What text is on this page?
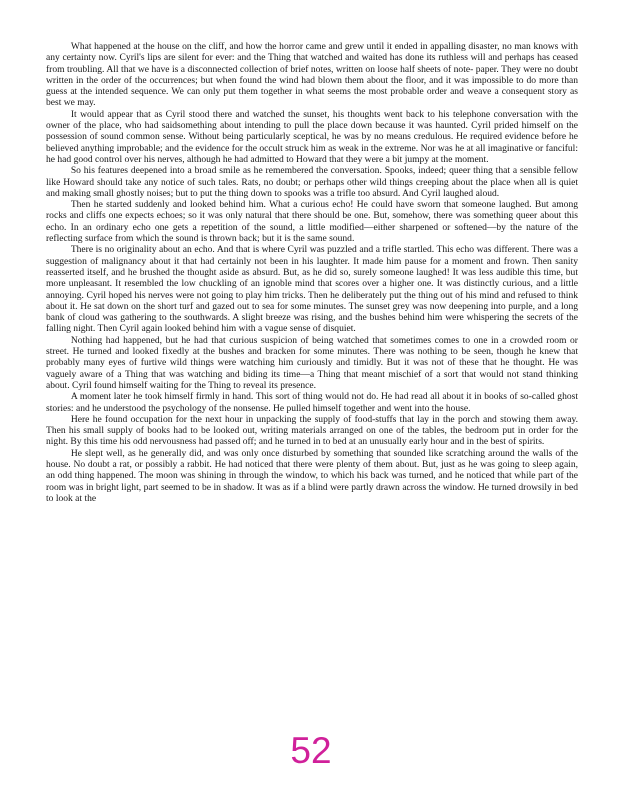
What happened at the house on the cliff, and how the horror came and grew until it ended in appalling disaster, no man knows with any certainty now. Cyril's lips are silent for ever: and the Thing that watched and waited has done its ruthless will and perhaps has ceased from troubling. All that we have is a disconnected collection of brief notes, written on loose half sheets of note- paper. They were no doubt written in the order of the occurrences; but when found the wind had blown them about the floor, and it was impossible to do more than guess at the intended sequence. We can only put them together in what seems the most probable order and weave a consequent story as best we may.

It would appear that as Cyril stood there and watched the sunset, his thoughts went back to his telephone conversation with the owner of the place, who had saidsomething about intending to pull the place down because it was haunted. Cyril prided himself on the possession of sound common sense. Without being particularly sceptical, he was by no means credulous. He required evidence before he believed anything improbable; and the evidence for the occult struck him as weak in the extreme. Nor was he at all imaginative or fanciful: he had good control over his nerves, although he had admitted to Howard that they were a bit jumpy at the moment.

So his features deepened into a broad smile as he remembered the conversation. Spooks, indeed; queer thing that a sensible fellow like Howard should take any notice of such tales. Rats, no doubt; or perhaps other wild things creeping about the place when all is quiet and making small ghostly noises; but to put the thing down to spooks was a trifle too absurd. And Cyril laughed aloud.

Then he started suddenly and looked behind him. What a curious echo! He could have sworn that someone laughed. But among rocks and cliffs one expects echoes; so it was only natural that there should be one. But, somehow, there was something queer about this echo. In an ordinary echo one gets a repetition of the sound, a little modified—either sharpened or softened—by the nature of the reflecting surface from which the sound is thrown back; but it is the same sound.

There is no originality about an echo. And that is where Cyril was puzzled and a trifle startled. This echo was different. There was a suggestion of malignancy about it that had certainly not been in his laughter. It made him pause for a moment and frown. Then sanity reasserted itself, and he brushed the thought aside as absurd. But, as he did so, surely someone laughed! It was less audible this time, but more unpleasant. It resembled the low chuckling of an ignoble mind that scores over a higher one. It was distinctly curious, and a little annoying. Cyril hoped his nerves were not going to play him tricks. Then he deliberately put the thing out of his mind and refused to think about it. He sat down on the short turf and gazed out to sea for some minutes. The sunset grey was now deepening into purple, and a long bank of cloud was gathering to the southwards. A slight breeze was rising, and the bushes behind him were whispering the secrets of the falling night. Then Cyril again looked behind him with a vague sense of disquiet.

Nothing had happened, but he had that curious suspicion of being watched that sometimes comes to one in a crowded room or street. He turned and looked fixedly at the bushes and bracken for some minutes. There was nothing to be seen, though he knew that probably many eyes of furtive wild things were watching him curiously and timidly. But it was not of these that he thought. He was vaguely aware of a Thing that was watching and biding its time—a Thing that meant mischief of a sort that would not stand thinking about. Cyril found himself waiting for the Thing to reveal its presence.

A moment later he took himself firmly in hand. This sort of thing would not do. He had read all about it in books of so-called ghost stories: and he understood the psychology of the nonsense. He pulled himself together and went into the house.

Here he found occupation for the next hour in unpacking the supply of food-stuffs that lay in the porch and stowing them away. Then his small supply of books had to be looked out, writing materials arranged on one of the tables, the bedroom put in order for the night. By this time his odd nervousness had passed off; and he turned in to bed at an unusually early hour and in the best of spirits.

He slept well, as he generally did, and was only once disturbed by something that sounded like scratching around the walls of the house. No doubt a rat, or possibly a rabbit. He had noticed that there were plenty of them about. But, just as he was going to sleep again, an odd thing happened. The moon was shining in through the window, to which his back was turned, and he noticed that while part of the room was in bright light, part seemed to be in shadow. It was as if a blind were partly drawn across the window. He turned drowsily in bed to look at the

52
